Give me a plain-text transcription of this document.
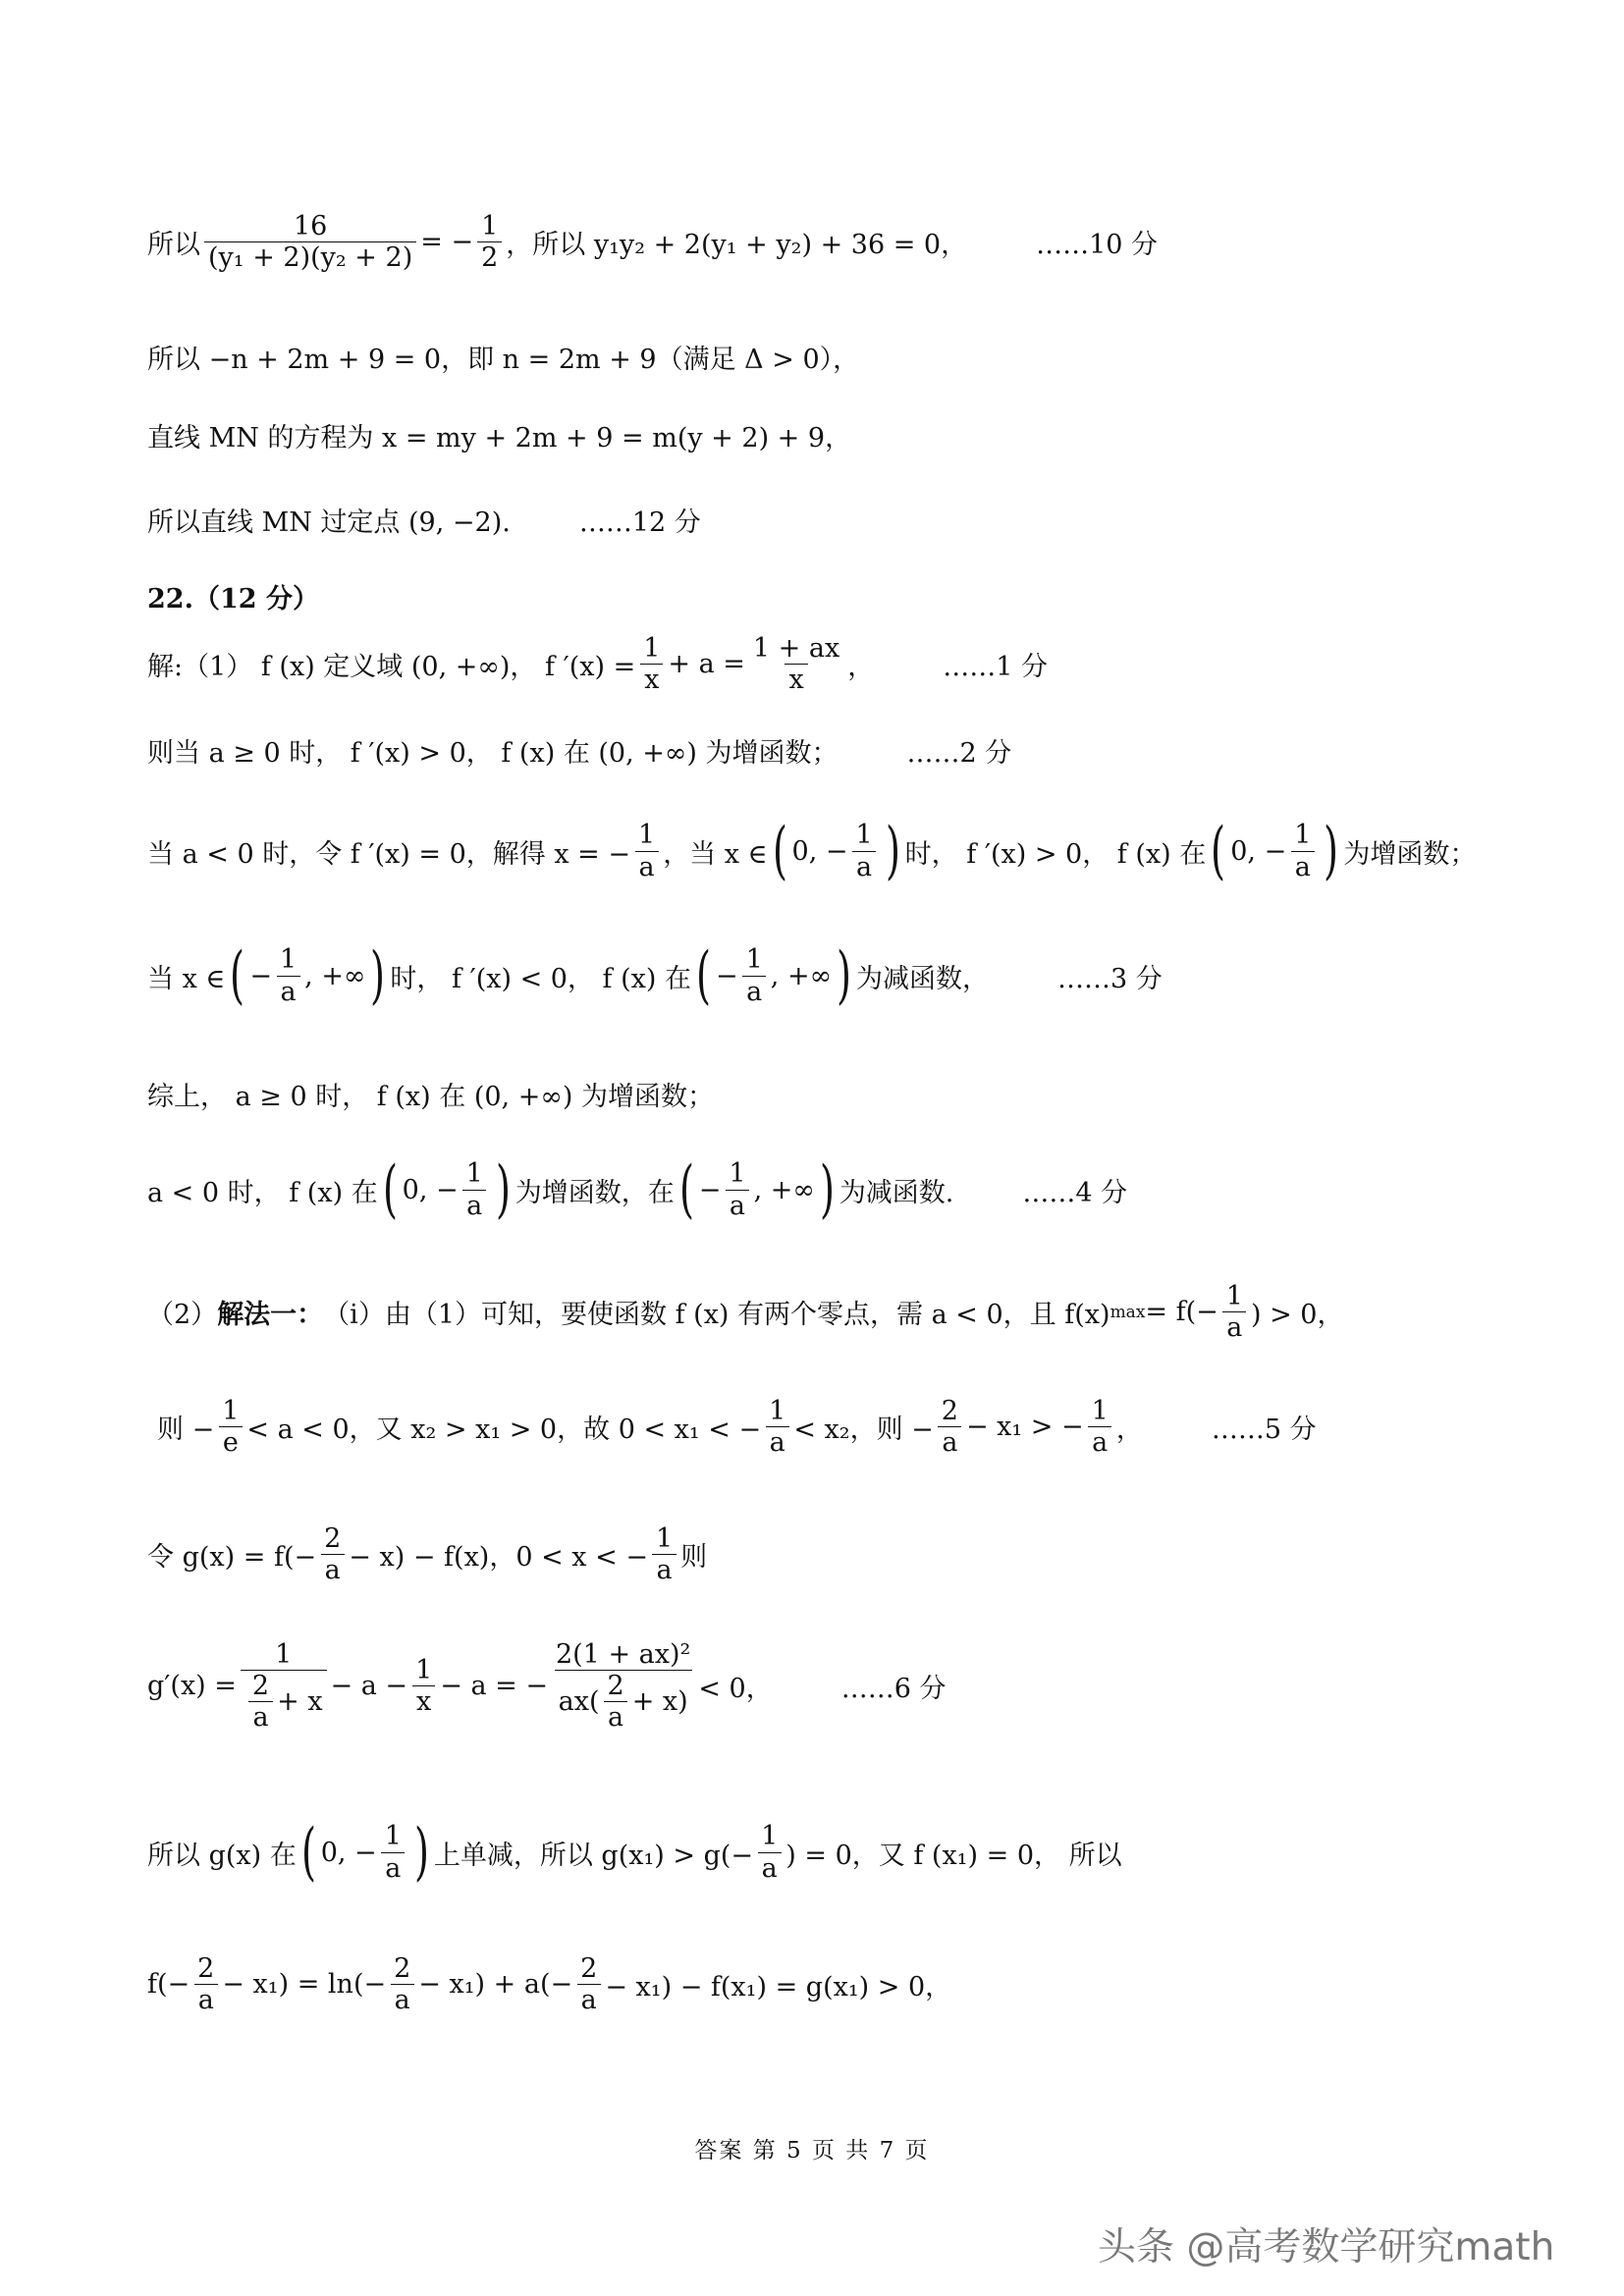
所以 $\frac{16}{\text{(y₁ + 2)(y₂ + 2)}}$ = − $\frac{1}{2}$ ，所以
y₁y₂ + 2(y₁ + y₂) + 36 = 0，	……10 分
所以 −n + 2m + 9 = 0，即 n = 2m + 9（满足 Δ > 0），
直线 MN 的方程为 x = my + 2m + 9 = m(y + 2) + 9，
所以直线 MN 过定点 (9, −2).	……12 分
22.（12 分）
解:（1） f (x) 定义域 (0, +∞)， f $'(x) = \frac{1}{x} + a = \frac{1 + ax}{x}$ ，	……1 分
则当 a ≥ 0 时， f ′(x) > 0， f (x) 在 (0, +∞) 为增函数；	……2 分
当 a < 0 时，令 f ′(x) = 0，解得 x = − $\frac{1}{a}$ ，当 x ∈ ( 0, − $\frac{1}{a}$ ) 时， f ′(x) > 0， f (x) 在 ( 0, − $\frac{1}{a}$ ) 为增函数；
当 x ∈ ( − $\frac{1}{a}$ , +∞ ) 时， f ′(x) < 0， f (x) 在 ( − $\frac{1}{a}$ , +∞ ) 为减函数，	……3 分
综上， a ≥ 0 时， f (x) 在 (0, +∞) 为增函数；
a < 0 时， f (x) 在 ( 0, − $\frac{1}{a}$ ) 为增函数，在 ( − $\frac{1}{a}$ , +∞ ) 为减函数.	……4 分
（2） 解法一： （i）由（1）可知，要使函数 f (x) 有两个零点，需 a < 0，且 f(x) $\max = f(- \frac{1}{a}$ ) > 0，
则 − $\frac{1}{e} < a < 0$，又 x₂ > x₁ > 0，故 0 < x₁ < − $\frac{1}{a} < x_2$，则 − $\frac{2}{a} - x_1$ > − $\frac{1}{a}$ ，	……5 分
令 $g(x) = f(- \frac{2}{a} - x) - f(x)$，0 < x < − $\frac{1}{a}$ 则
$g'(x) = \frac{1}{\frac{2}{a} + x} - a - \frac{1}{x} - a$ = − $\frac{\text{2(1 + ax)²}}{ax( \frac{2}{a} + x)} < 0$，	……6 分
所以 g(x) 在 ( 0, − $\frac{1}{a}$ ) 上单减，所以 $g(x_1) > g(- \frac{1}{a}$ ) = 0，又 f (x₁) = 0， 所以
$f(- \frac{2}{a} - x_1) = \ln(- \frac{2}{a} - x_1) + a(- \frac{2}{a} - x_1) - f(x_1) = g(x_1) > 0$，
答案 第 5 页 共 7 页
头条 @高考数学研究math
